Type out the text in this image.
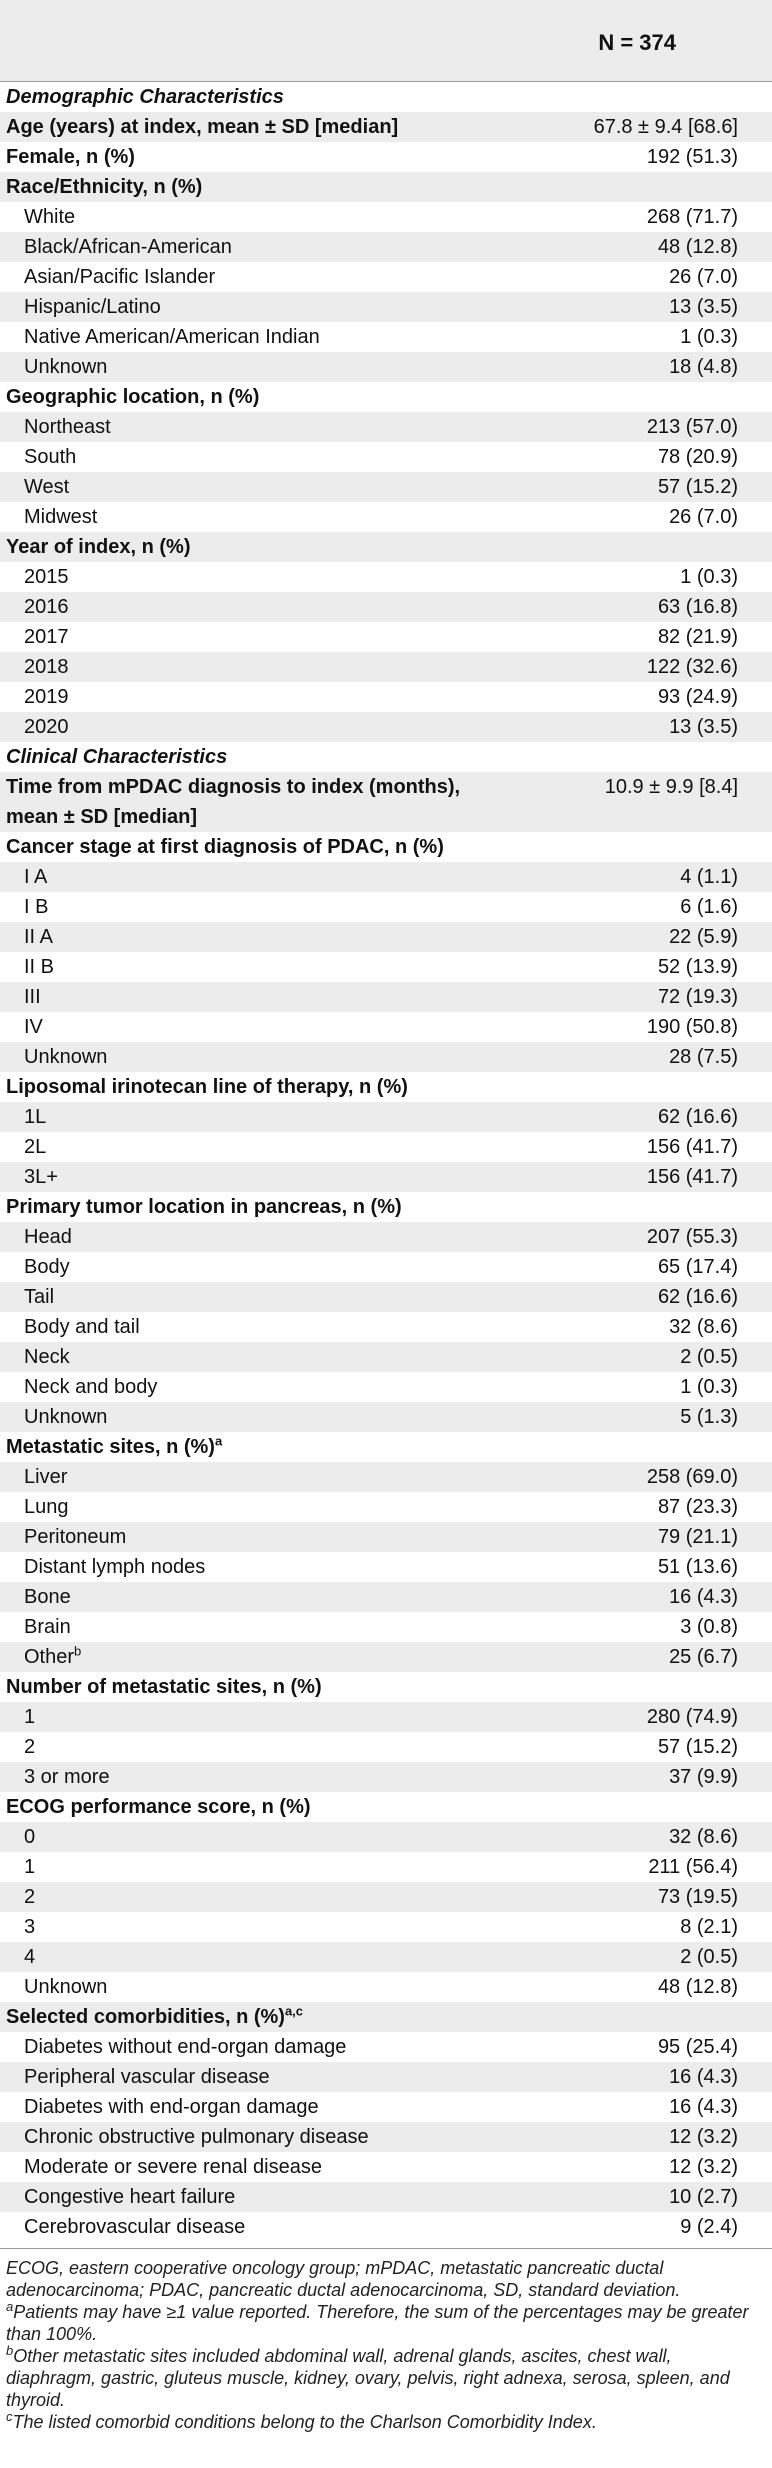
N = 374
Demographic Characteristics
Age (years) at index, mean ± SD [median]	67.8 ± 9.4 [68.6]
Female, n (%)	192 (51.3)
Race/Ethnicity, n (%)
White	268 (71.7)
Black/African-American	48 (12.8)
Asian/Pacific Islander	26 (7.0)
Hispanic/Latino	13 (3.5)
Native American/American Indian	1 (0.3)
Unknown	18 (4.8)
Geographic location, n (%)
Northeast	213 (57.0)
South	78 (20.9)
West	57 (15.2)
Midwest	26 (7.0)
Year of index, n (%)
2015	1 (0.3)
2016	63 (16.8)
2017	82 (21.9)
2018	122 (32.6)
2019	93 (24.9)
2020	13 (3.5)
Clinical Characteristics
Time from mPDAC diagnosis to index (months),
mean ± SD [median]
10.9 ± 9.9 [8.4]
Cancer stage at first diagnosis of PDAC, n (%)
I A	4 (1.1)
I B	6 (1.6)
II A	22 (5.9)
II B	52 (13.9)
III	72 (19.3)
IV	190 (50.8)
Unknown	28 (7.5)
Liposomal irinotecan line of therapy, n (%)
1L	62 (16.6)
2L	156 (41.7)
3L+	156 (41.7)
Primary tumor location in pancreas, n (%)
Head	207 (55.3)
Body	65 (17.4)
Tail	62 (16.6)
Body and tail	32 (8.6)
Neck	2 (0.5)
Neck and body	1 (0.3)
Unknown	5 (1.3)
Metastatic sites, n (%)$^a$
Liver	258 (69.0)
Lung	87 (23.3)
Peritoneum	79 (21.1)
Distant lymph nodes	51 (13.6)
Bone	16 (4.3)
Brain	3 (0.8)
Other$^b$	25 (6.7)
Number of metastatic sites, n (%)
1	280 (74.9)
2	57 (15.2)
3 or more	37 (9.9)
ECOG performance score, n (%)
0	32 (8.6)
1	211 (56.4)
2	73 (19.5)
3	8 (2.1)
4	2 (0.5)
Unknown	48 (12.8)
Selected comorbidities, n (%)$^{a,c}$
Diabetes without end-organ damage	95 (25.4)
Peripheral vascular disease	16 (4.3)
Diabetes with end-organ damage	16 (4.3)
Chronic obstructive pulmonary disease	12 (3.2)
Moderate or severe renal disease	12 (3.2)
Congestive heart failure	10 (2.7)
Cerebrovascular disease	9 (2.4)

ECOG, eastern cooperative oncology group; mPDAC, metastatic pancreatic ductal adenocarcinoma; PDAC, pancreatic ductal adenocarcinoma, SD, standard deviation.

$^a$Patients may have ≥1 value reported. Therefore, the sum of the percentages may be greater than 100%.

$^b$Other metastatic sites included abdominal wall, adrenal glands, ascites, chest wall, diaphragm, gastric, gluteus muscle, kidney, ovary, pelvis, right adnexa, serosa, spleen, and thyroid.

$^c$The listed comorbid conditions belong to the Charlson Comorbidity Index.
